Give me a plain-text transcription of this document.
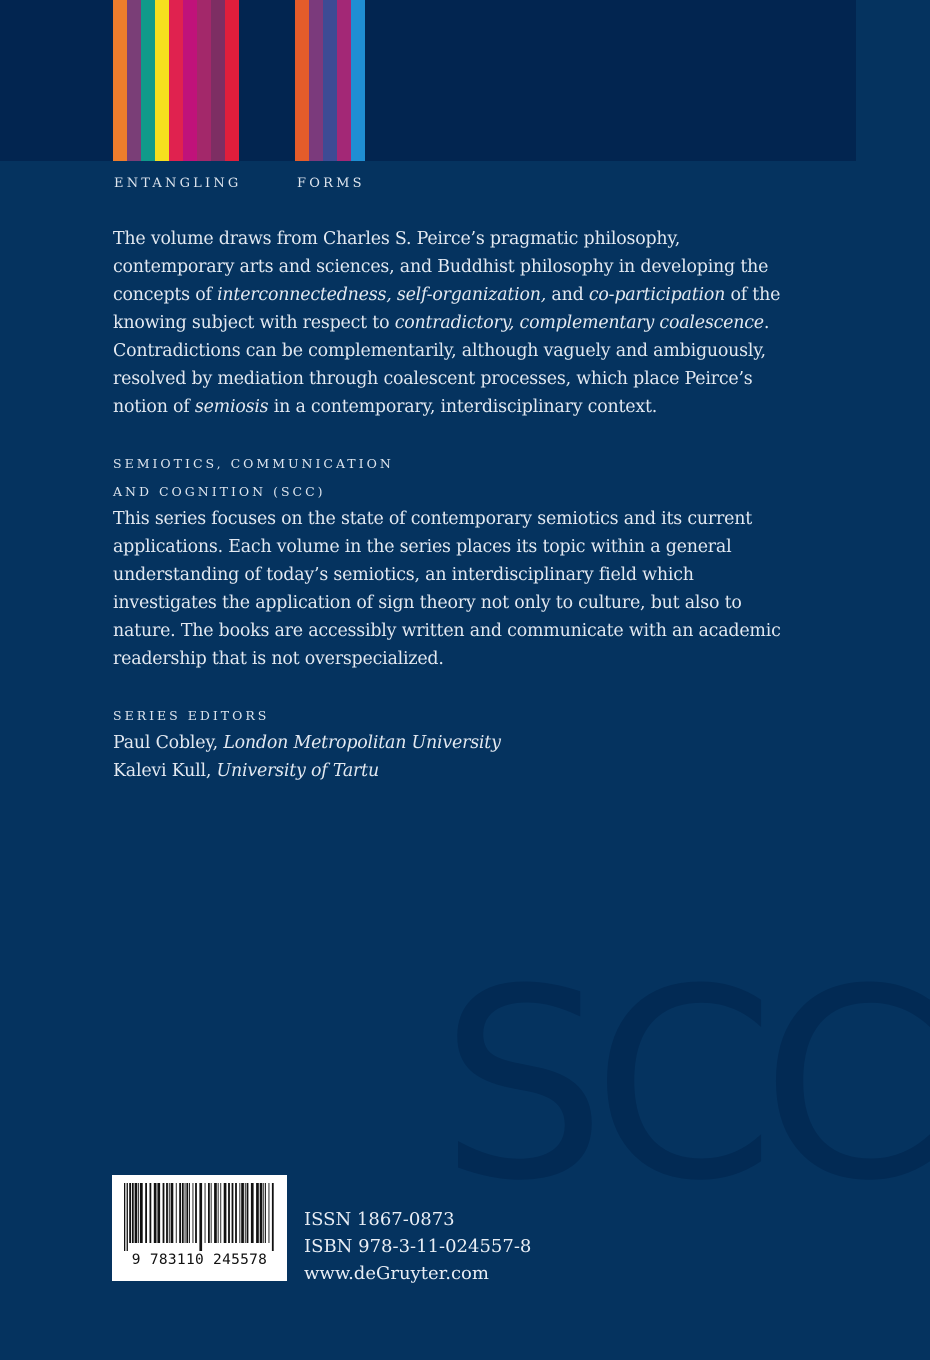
ENTANGLING	FORMS

The volume draws from Charles S. Peirce’s pragmatic philosophy, contemporary arts and sciences, and Buddhist philosophy in developing the concepts of interconnectedness, self-organization, and co-participation of the knowing subject with respect to contradictory, complementary coalescence. Contradictions can be complementarily, although vaguely and ambiguously, resolved by mediation through coalescent processes, which place Peirce’s notion of semiosis in a contemporary, interdisciplinary context.

SEMIOTICS, COMMUNICATION
AND COGNITION (SCC)

This series focuses on the state of contemporary semiotics and its current applications. Each volume in the series places its topic within a general understanding of today’s semiotics, an interdisciplinary field which investigates the application of sign theory not only to culture, but also to nature. The books are accessibly written and communicate with an academic readership that is not overspecialized.

SERIES EDITORS
Paul Cobley, London Metropolitan University
Kalevi Kull, University of Tartu
SCC
9 783110 245578
ISSN 1867-0873
ISBN 978-3-11-024557-8
www.deGruyter.com
